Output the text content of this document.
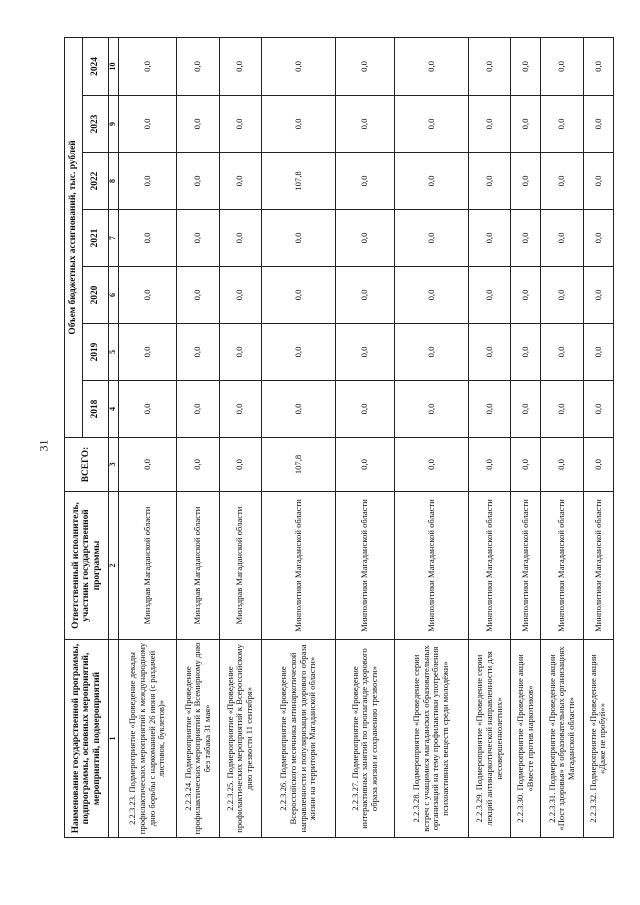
31
Наименование государственной программы, подпрограммы, основных мероприятий, мероприятий, подмероприятий	Ответственный исполнитель, участник государственной программы	ВСЕГО:	Объем бюджетных ассигнований, тыс. рублей						
			2018	2019	2020	2021	2022	2023	2024
1	2	3	4	5	6	7	8	9	10
2.2.3.23. Подмероприятие «Проведение декады профилактических мероприятий к международному дню борьбы с наркоманией 26 июня (с раздачей листовок, буклетов)»	Минздрав Магаданской области	0,0	0,0	0,0	0,0	0,0	0,0	0,0	0,0
2.2.3.24. Подмероприятие «Проведение профилактических мероприятий к Всемирному дню без табака 31 мая»	Минздрав Магаданской области	0,0	0,0	0,0	0,0	0,0	0,0	0,0	0,0
2.2.3.25. Подмероприятие «Проведение профилактических мероприятий к Всероссийскому дню трезвости 11 сентября»	Минздрав Магаданской области	0,0	0,0	0,0	0,0	0,0	0,0	0,0	0,0
2.2.3.26. Подмероприятие «Проведение Всероссийского месячника антинаркотической направленности и популяризации здорового образа жизни на территории Магаданской области»	Минполитики Магаданской области	107,8	0,0	0,0	0,0	0,0	107,8	0,0	0,0
2.2.3.27. Подмероприятие «Проведение интерактивных занятий по пропаганде здорового образа жизни и сохранению трезвости»	Минполитики Магаданской области	0,0	0,0	0,0	0,0	0,0	0,0	0,0	0,0
2.2.3.28. Подмероприятие «Проведение серии встреч с учащимися магаданских образовательных организаций на тему профилактики употребления психоактивных веществ среди молодёжи»	Минполитики Магаданской области	0,0	0,0	0,0	0,0	0,0	0,0	0,0	0,0
2.2.3.29. Подмероприятие «Проведение серии лекций антинаркотической направленности для несовершеннолетних»	Минполитики Магаданской области	0,0	0,0	0,0	0,0	0,0	0,0	0,0	0,0
2.2.3.30. Подмероприятие «Проведение акции «Вместе против наркотиков»	Минполитики Магаданской области	0,0	0,0	0,0	0,0	0,0	0,0	0,0	0,0
2.2.3.31. Подмероприятие «Проведение акции «Пост здоровья» в образовательных организациях Магаданской области»	Минполитики Магаданской области	0,0	0,0	0,0	0,0	0,0	0,0	0,0	0,0
2.2.3.32. Подмероприятие «Проведение акции «Даже не пробуй»»	Минполитики Магаданской области	0,0	0,0	0,0	0,0	0,0	0,0	0,0	0,0
